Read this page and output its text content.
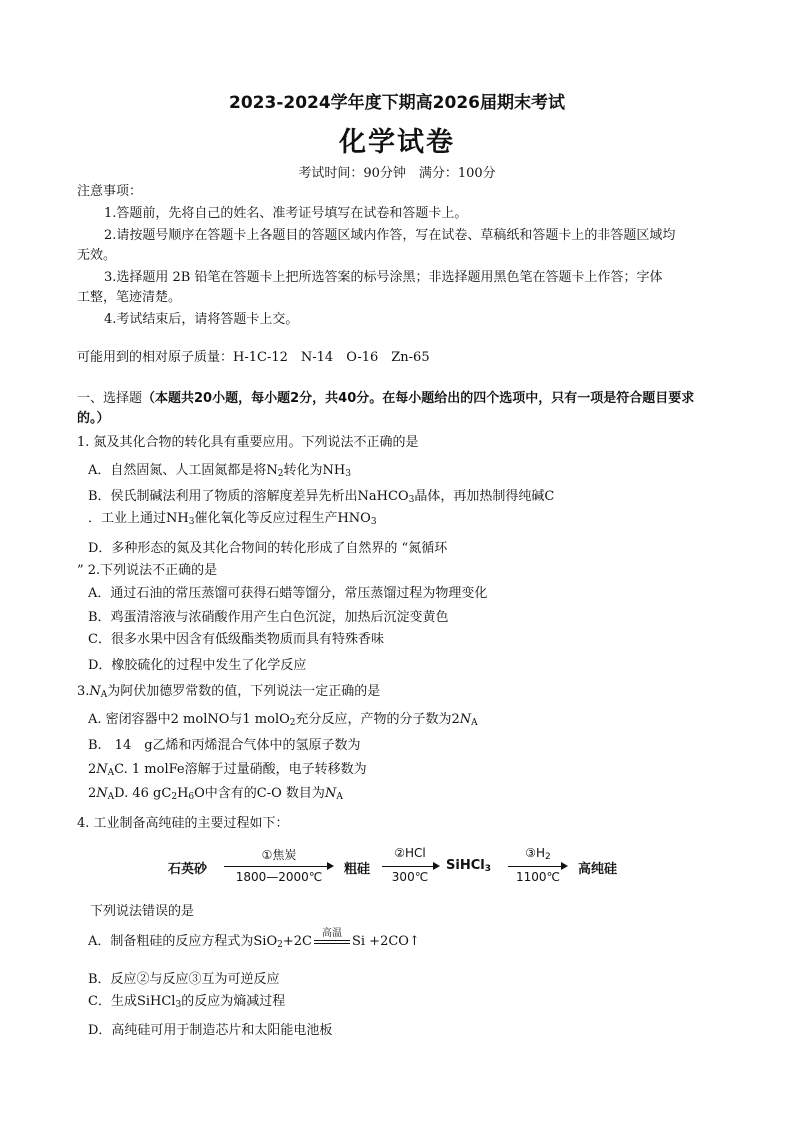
2023-2024学年度下期高2026届期末考试
化学试卷
考试时间：90分钟　满分：100分
注意事项：
1.答题前，先将自己的姓名、准考证号填写在试卷和答题卡上。
2.请按题号顺序在答题卡上各题目的答题区域内作答，写在试卷、草稿纸和答题卡上的非答题区域均
无效。
3.选择题用 2B 铅笔在答题卡上把所选答案的标号涂黑；非选择题用黑色笔在答题卡上作答；字体
工整，笔迹清楚。
4.考试结束后，请将答题卡上交。
可能用到的相对原子质量：H-1C-12　N-14　O-16　Zn-65
一、选择题（本题共20小题，每小题2分，共40分。在每小题给出的四个选项中，只有一项是符合题目要求
的。）
1. 氮及其化合物的转化具有重要应用。下列说法不正确的是
A．自然固氮、人工固氮都是将$N_2$转化为$NH_3$
B．侯氏制碱法利用了物质的溶解度差异先析出NaHCO$_3$晶体，再加热制得纯碱C
．工业上通过$NH_3$催化氧化等反应过程生产$HNO_3$
D．多种形态的氮及其化合物间的转化形成了自然界的 “氮循环
” 2.下列说法不正确的是
A．通过石油的常压蒸馏可获得石蜡等馏分，常压蒸馏过程为物理变化
B．鸡蛋清溶液与浓硝酸作用产生白色沉淀，加热后沉淀变黄色
C．很多水果中因含有低级酯类物质而具有特殊香味
D．橡胶硫化的过程中发生了化学反应
$3.N_A$为阿伏加德罗常数的值，下列说法一定正确的是
A. 密闭容器中2 molNO与1 molO$_2$充分反应，产物的分子数为$2N_A$
B.　14　g乙烯和丙烯混合气体中的氢原子数为
$2N_AC$. 1 molFe溶解于过量硝酸，电子转移数为
$2N_AD$. 46 $gC_2H_6O$中含有的C-O 数目为$N_A$
4. 工业制备高纯硅的主要过程如下：
石英砂
①焦炭
1800—2000℃	粗硅
②HCl
300℃
SiHCl$_3$
$③H_2$
1100℃	高纯硅
下列说法错误的是
A．制备粗硅的反应方程式为SiO$_2$+2C
高温
Si +2CO↑
B．反应②与反应③互为可逆反应
C．生成SiHCl$_3$的反应为熵减过程
D．高纯硅可用于制造芯片和太阳能电池板
